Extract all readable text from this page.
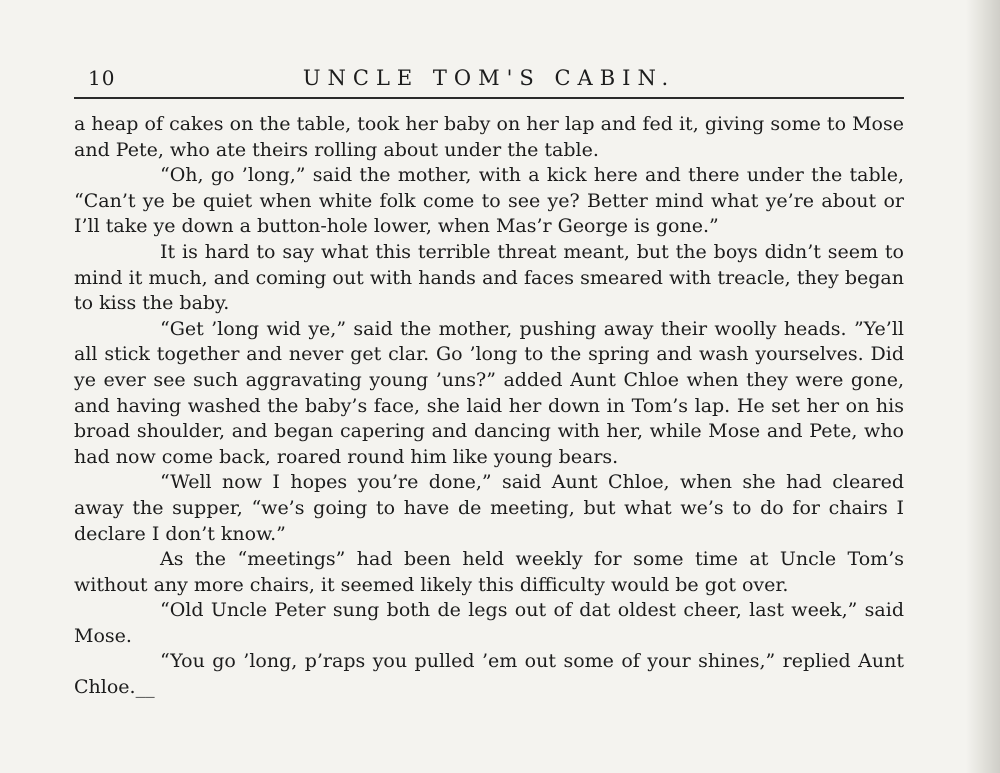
10	UNCLE TOM'S CABIN.

a heap of cakes on the table, took her baby on her lap and fed it, giving some to Mose and Pete, who ate theirs rolling about under the table.

“Oh, go ’long,” said the mother, with a kick here and there under the table, “Can’t ye be quiet when white folk come to see ye? Better mind what ye’re about or I’ll take ye down a button-hole lower, when Mas’r George is gone.”

It is hard to say what this terrible threat meant, but the boys didn’t seem to mind it much, and coming out with hands and faces smeared with treacle, they began to kiss the baby.

“Get ’long wid ye,” said the mother, pushing away their woolly heads. ”Ye’ll all stick together and never get clar. Go ’long to the spring and wash yourselves. Did ye ever see such aggravating young ’uns?” added Aunt Chloe when they were gone, and having washed the baby’s face, she laid her down in Tom’s lap. He set her on his broad shoulder, and began capering and dancing with her, while Mose and Pete, who had now come back, roared round him like young bears.

“Well now I hopes you’re done,” said Aunt Chloe, when she had cleared away the supper, “we’s going to have de meeting, but what we’s to do for chairs I declare I don’t know.”

As the “meetings” had been held weekly for some time at Uncle Tom’s without any more chairs, it seemed likely this difficulty would be got over.

“Old Uncle Peter sung both de legs out of dat oldest cheer, last week,” said Mose.

“You go ’long, p’raps you pulled ’em out some of your shines,” replied Aunt Chloe.__
